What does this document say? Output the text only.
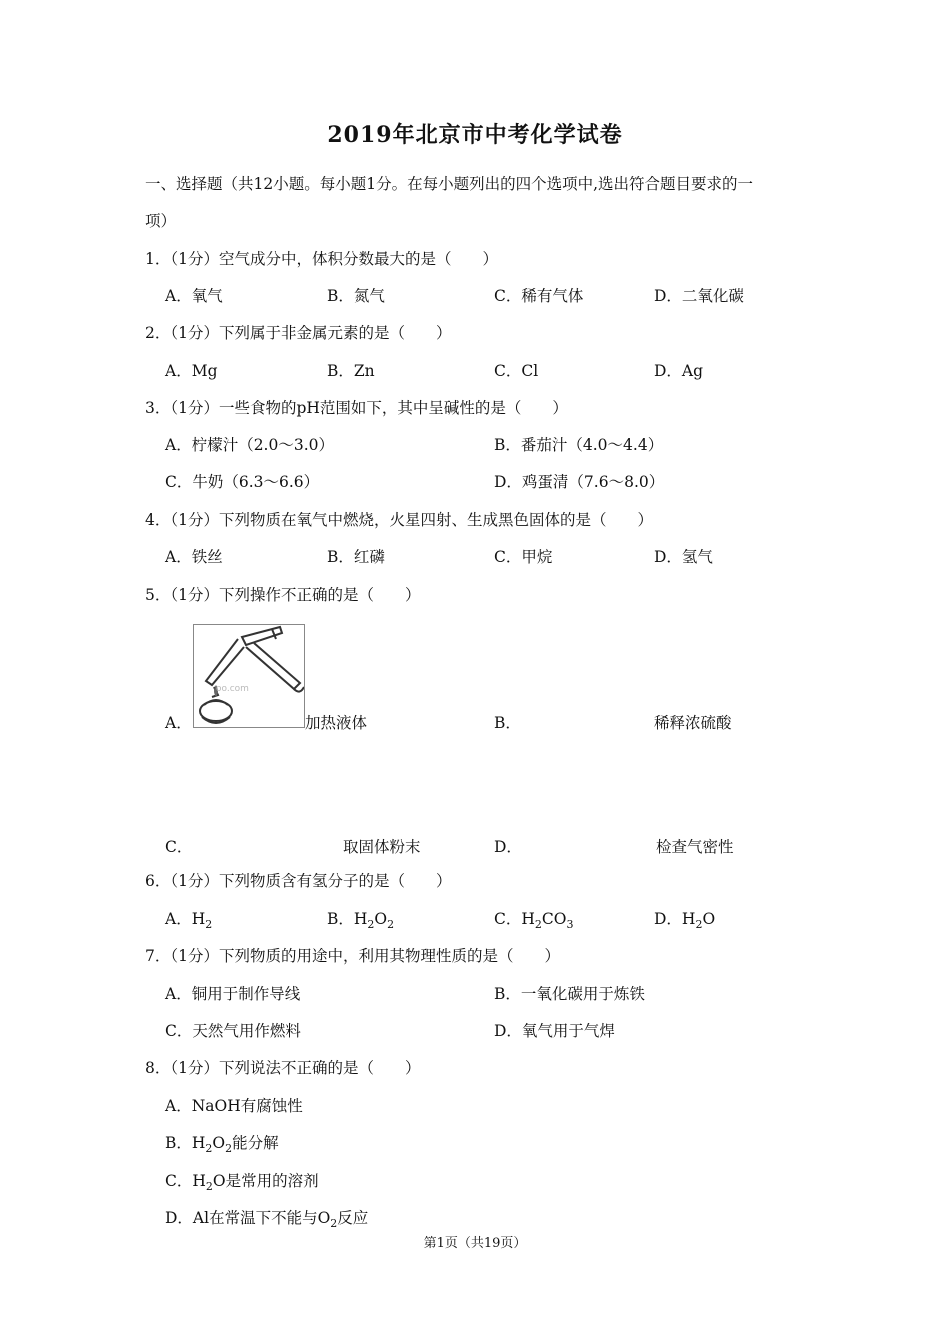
2019年北京市中考化学试卷
一、选择题（共12小题。每小题1分。在每小题列出的四个选项中,选出符合题目要求的一
项）
1．（1分）空气成分中，体积分数最大的是（　　）
A．氧气	B．氮气	C．稀有气体	D．二氧化碳
2．（1分）下列属于非金属元素的是（　　）
A．Mg	B．Zn	C．Cl	D．Ag
3．（1分）一些食物的pH范围如下，其中呈碱性的是（　　）
A．柠檬汁（2.0～3.0）	B．番茄汁（4.0～4.4）
C．牛奶（6.3～6.6）	D．鸡蛋清（7.6～8.0）
4．（1分）下列物质在氧气中燃烧，火星四射、生成黑色固体的是（　　）
A．铁丝	B．红磷	C．甲烷	D．氢气
5．（1分）下列操作不正确的是（　　）
A．
oo.com
加热液体	B．	稀释浓硫酸
C．	取固体粉末	D．	检查气密性
6．（1分）下列物质含有氢分子的是（　　）
A．$H_2$	B．$H_2O_2$	C．$H_2CO_3$	D．$H_2O$
7．（1分）下列物质的用途中，利用其物理性质的是（　　）
A．铜用于制作导线	B．一氧化碳用于炼铁
C．天然气用作燃料	D．氧气用于气焊
8．（1分）下列说法不正确的是（　　）
A．NaOH有腐蚀性
B．$H_2O_2$能分解
C．$H_2O$是常用的溶剂
D．Al在常温下不能与$O_2$反应
第1页（共19页）
